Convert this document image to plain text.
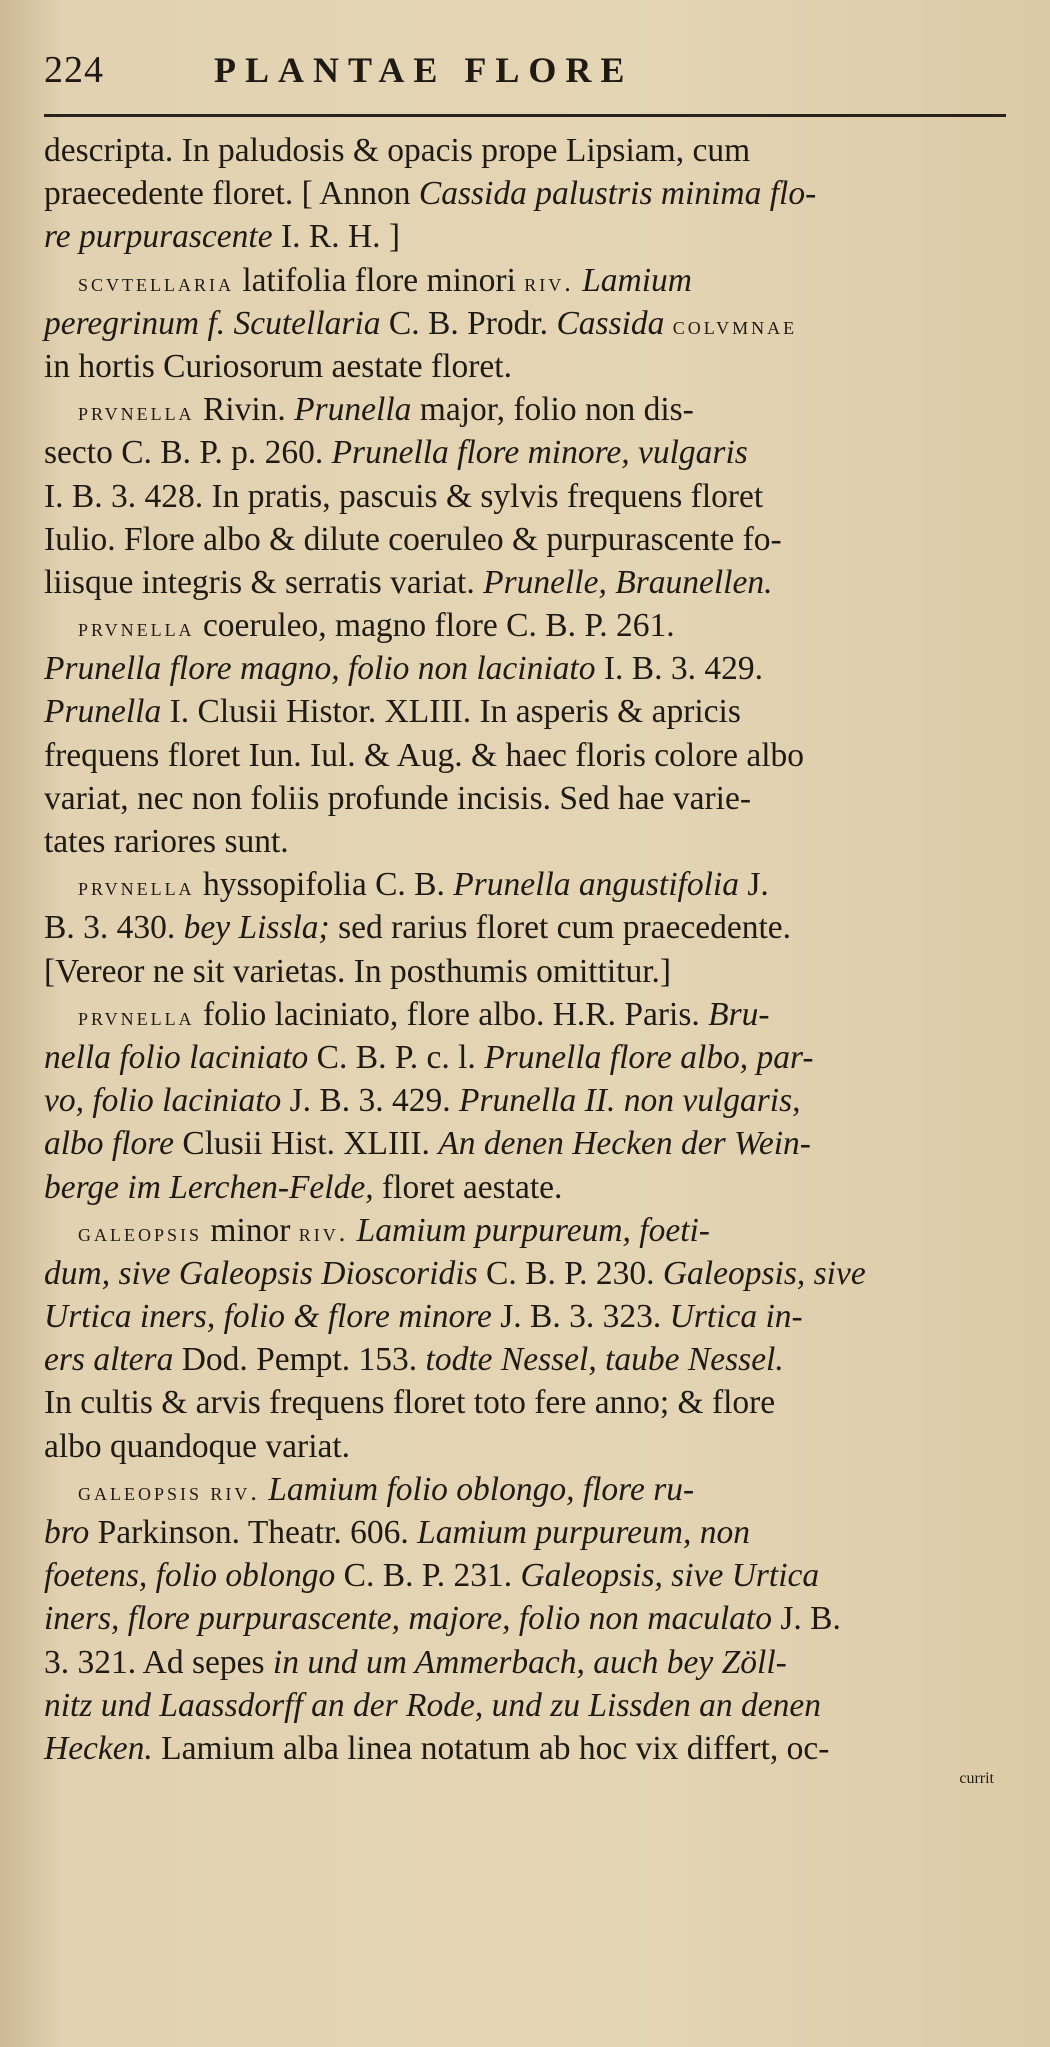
224	PLANTAE FLORE
descripta. In paludosis & opacis prope Lipsiam, cum
praecedente floret. [ Annon Cassida palustris minima flo-
re purpurascente I. R. H. ]
scvtellaria latifolia flore minori riv. Lamium
peregrinum f. Scutellaria C. B. Prodr. Cassida colvmnae
in hortis Curiosorum aestate floret.
prvnella Rivin. Prunella major, folio non dis-
secto C. B. P. p. 260. Prunella flore minore, vulgaris
I. B. 3. 428. In pratis, pascuis & sylvis frequens floret
Iulio. Flore albo & dilute coeruleo & purpurascente fo-
liisque integris & serratis variat. Prunelle, Braunellen.
prvnella coeruleo, magno flore C. B. P. 261.
Prunella flore magno, folio non laciniato I. B. 3. 429.
Prunella I. Clusii Histor. XLIII. In asperis & apricis
frequens floret Iun. Iul. & Aug. & haec floris colore albo
variat, nec non foliis profunde incisis. Sed hae varie-
tates rariores sunt.
prvnella hyssopifolia C. B. Prunella angustifolia J.
B. 3. 430. bey Lissla; sed rarius floret cum praecedente.
[Vereor ne sit varietas. In posthumis omittitur.]
prvnella folio laciniato, flore albo. H.R. Paris. Bru-
nella folio laciniato C. B. P. c. l. Prunella flore albo, par-
vo, folio laciniato J. B. 3. 429. Prunella II. non vulgaris,
albo flore Clusii Hist. XLIII. An denen Hecken der Wein-
berge im Lerchen-Felde, floret aestate.
galeopsis minor riv. Lamium purpureum, foeti-
dum, sive Galeopsis Dioscoridis C. B. P. 230. Galeopsis, sive
Urtica iners, folio & flore minore J. B. 3. 323. Urtica in-
ers altera Dod. Pempt. 153. todte Nessel, taube Nessel.
In cultis & arvis frequens floret toto fere anno; & flore
albo quandoque variat.
galeopsis riv. Lamium folio oblongo, flore ru-
bro Parkinson. Theatr. 606. Lamium purpureum, non
foetens, folio oblongo C. B. P. 231. Galeopsis, sive Urtica
iners, flore purpurascente, majore, folio non maculato J. B.
3. 321. Ad sepes in und um Ammerbach, auch bey Zöll-
nitz und Laassdorff an der Rode, und zu Lissden an denen
Hecken. Lamium alba linea notatum ab hoc vix differt, oc-
currit
